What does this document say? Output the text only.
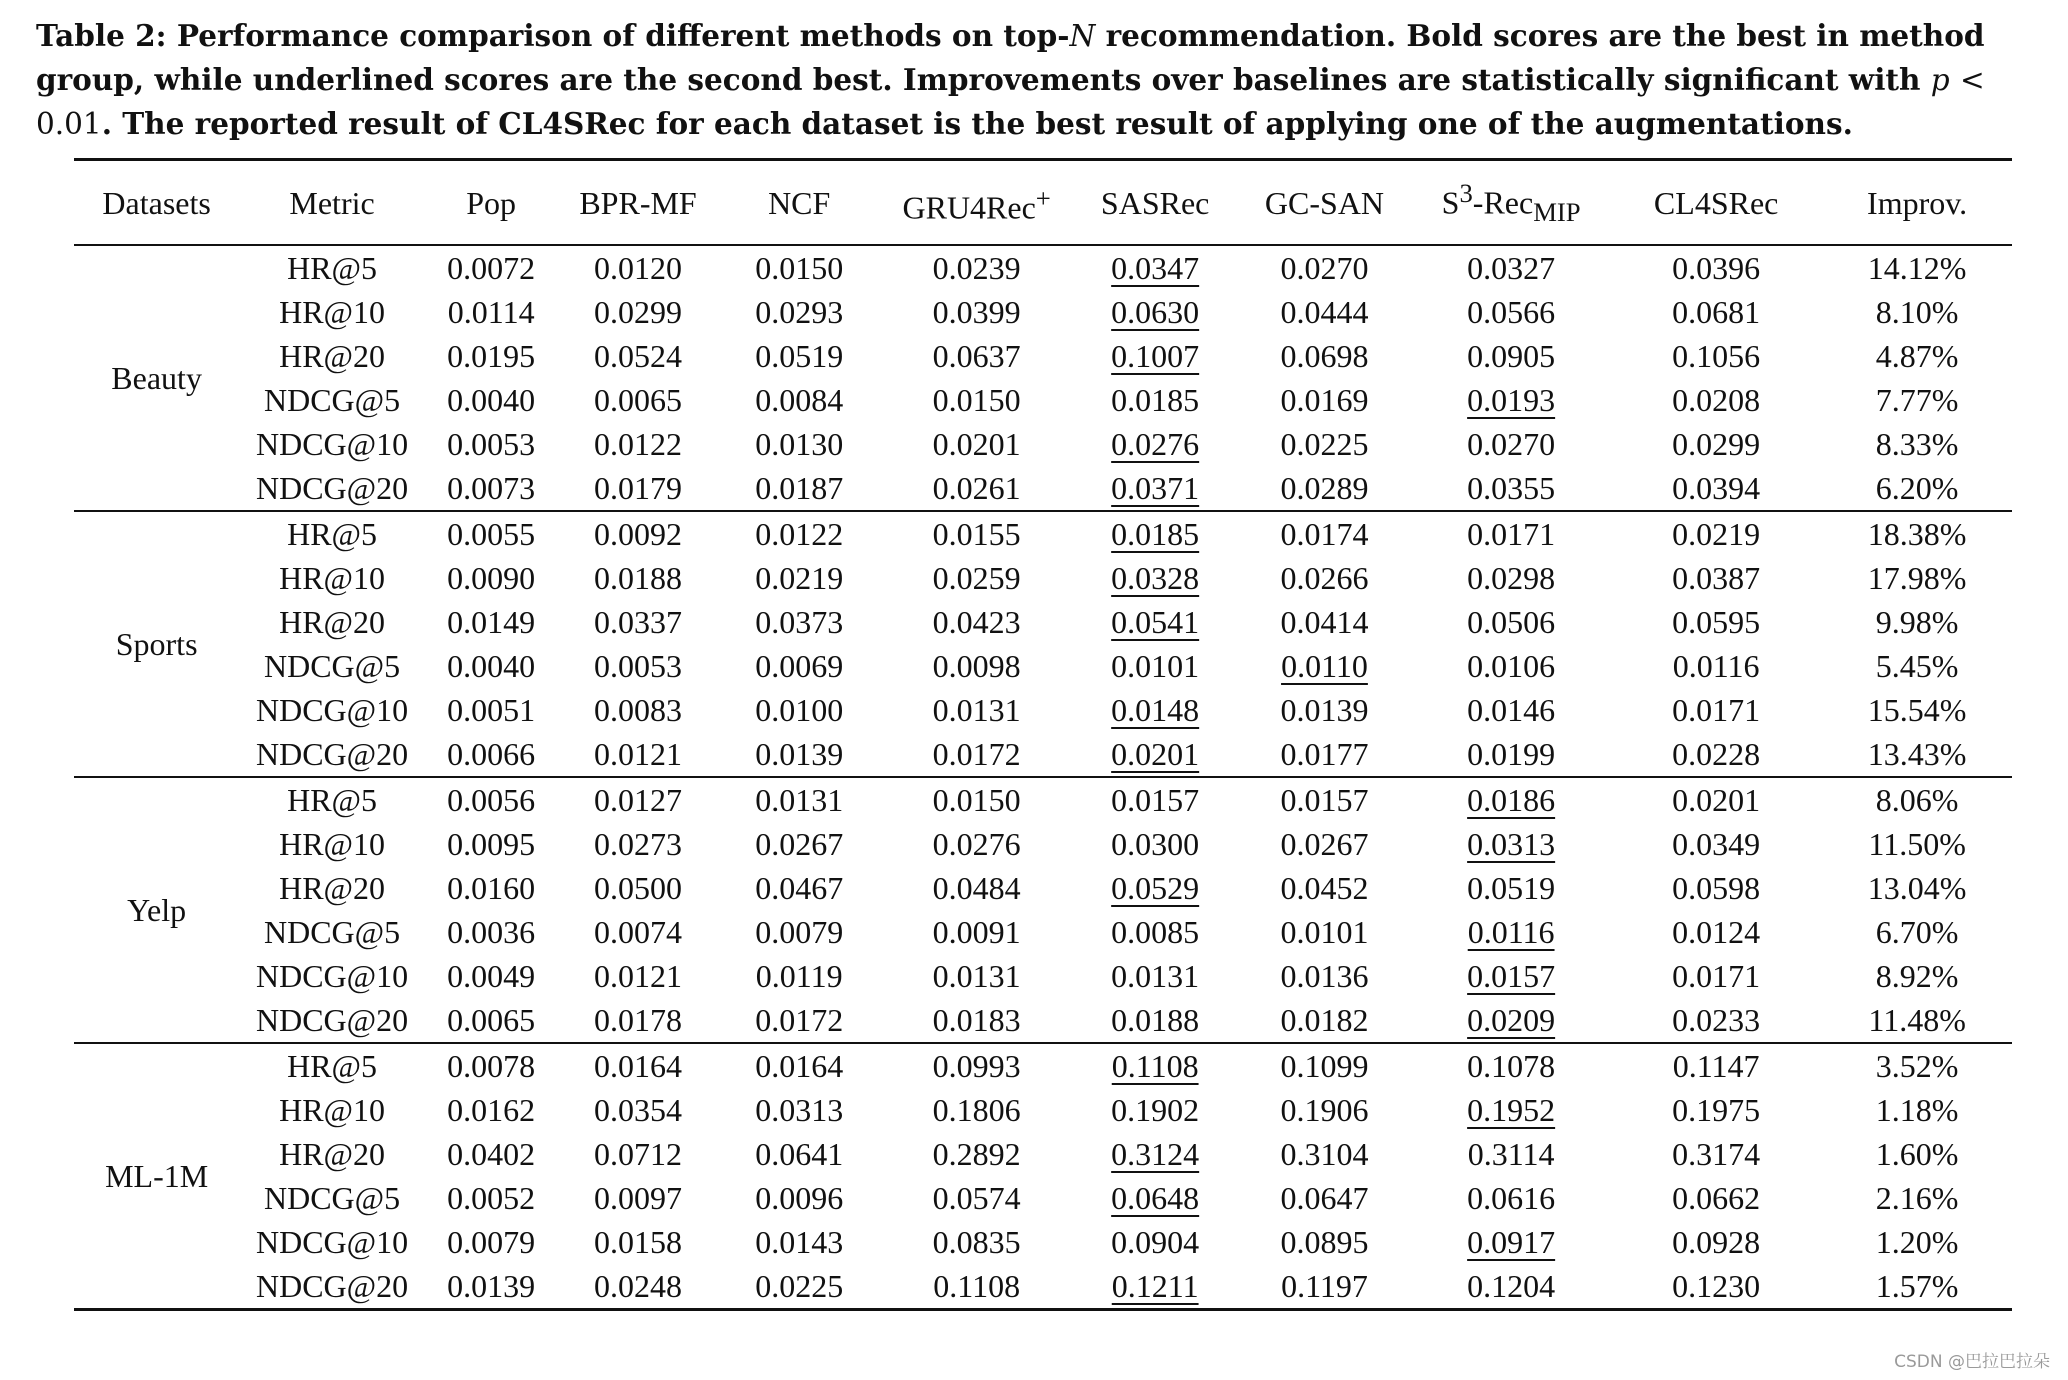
Table 2: Performance comparison of different methods on top-N recommendation. Bold scores are the best in method group, while underlined scores are the second best. Improvements over baselines are statistically significant with p < 0.01. The reported result of CL4SRec for each dataset is the best result of applying one of the augmentations.
Datasets	Metric	Pop	BPR-MF	NCF	GRU4Rec+	SASRec	GC-SAN	$S^3-Rec_{MIP}$	CL4SRec	Improv.
Beauty	HR@5	0.0072	0.0120	0.0150	0.0239	0.0347	0.0270	0.0327	0.0396	14.12%
	HR@10	0.0114	0.0299	0.0293	0.0399	0.0630	0.0444	0.0566	0.0681	8.10%
	HR@20	0.0195	0.0524	0.0519	0.0637	0.1007	0.0698	0.0905	0.1056	4.87%
	NDCG@5	0.0040	0.0065	0.0084	0.0150	0.0185	0.0169	0.0193	0.0208	7.77%
	NDCG@10	0.0053	0.0122	0.0130	0.0201	0.0276	0.0225	0.0270	0.0299	8.33%
	NDCG@20	0.0073	0.0179	0.0187	0.0261	0.0371	0.0289	0.0355	0.0394	6.20%
Sports	HR@5	0.0055	0.0092	0.0122	0.0155	0.0185	0.0174	0.0171	0.0219	18.38%
	HR@10	0.0090	0.0188	0.0219	0.0259	0.0328	0.0266	0.0298	0.0387	17.98%
	HR@20	0.0149	0.0337	0.0373	0.0423	0.0541	0.0414	0.0506	0.0595	9.98%
	NDCG@5	0.0040	0.0053	0.0069	0.0098	0.0101	0.0110	0.0106	0.0116	5.45%
	NDCG@10	0.0051	0.0083	0.0100	0.0131	0.0148	0.0139	0.0146	0.0171	15.54%
	NDCG@20	0.0066	0.0121	0.0139	0.0172	0.0201	0.0177	0.0199	0.0228	13.43%
Yelp	HR@5	0.0056	0.0127	0.0131	0.0150	0.0157	0.0157	0.0186	0.0201	8.06%
	HR@10	0.0095	0.0273	0.0267	0.0276	0.0300	0.0267	0.0313	0.0349	11.50%
	HR@20	0.0160	0.0500	0.0467	0.0484	0.0529	0.0452	0.0519	0.0598	13.04%
	NDCG@5	0.0036	0.0074	0.0079	0.0091	0.0085	0.0101	0.0116	0.0124	6.70%
	NDCG@10	0.0049	0.0121	0.0119	0.0131	0.0131	0.0136	0.0157	0.0171	8.92%
	NDCG@20	0.0065	0.0178	0.0172	0.0183	0.0188	0.0182	0.0209	0.0233	11.48%
ML-1M	HR@5	0.0078	0.0164	0.0164	0.0993	0.1108	0.1099	0.1078	0.1147	3.52%
	HR@10	0.0162	0.0354	0.0313	0.1806	0.1902	0.1906	0.1952	0.1975	1.18%
	HR@20	0.0402	0.0712	0.0641	0.2892	0.3124	0.3104	0.3114	0.3174	1.60%
	NDCG@5	0.0052	0.0097	0.0096	0.0574	0.0648	0.0647	0.0616	0.0662	2.16%
	NDCG@10	0.0079	0.0158	0.0143	0.0835	0.0904	0.0895	0.0917	0.0928	1.20%
	NDCG@20	0.0139	0.0248	0.0225	0.1108	0.1211	0.1197	0.1204	0.1230	1.57%
CSDN @巴拉巴拉朵
